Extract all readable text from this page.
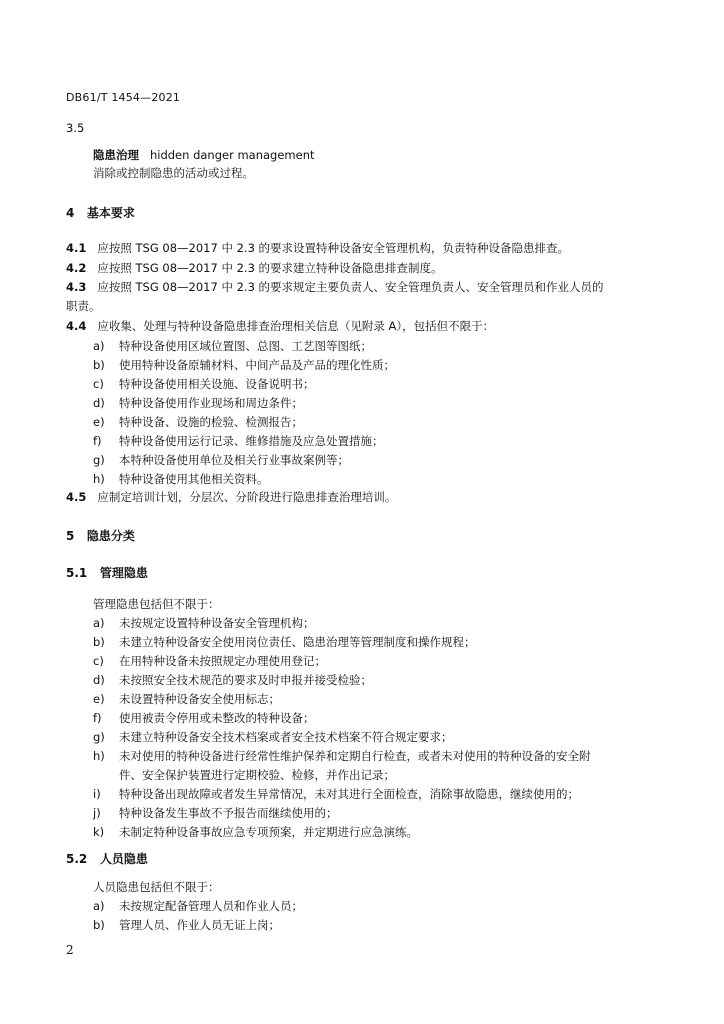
DB61/T 1454—2021
3.5
隐患治理 hidden danger management
消除或控制隐患的活动或过程。
4 基本要求
4.1 应按照 TSG 08—2017 中 2.3 的要求设置特种设备安全管理机构，负责特种设备隐患排查。
4.2 应按照 TSG 08—2017 中 2.3 的要求建立特种设备隐患排查制度。
4.3 应按照 TSG 08—2017 中 2.3 的要求规定主要负责人、安全管理负责人、安全管理员和作业人员的
职责。
4.4 应收集、处理与特种设备隐患排查治理相关信息（见附录 A），包括但不限于：
a) 特种设备使用区域位置图、总图、工艺图等图纸；
b) 使用特种设备原辅材料、中间产品及产品的理化性质；
c) 特种设备使用相关设施、设备说明书；
d) 特种设备使用作业现场和周边条件；
e) 特种设备、设施的检验、检测报告；
f) 特种设备使用运行记录、维修措施及应急处置措施；
g) 本特种设备使用单位及相关行业事故案例等；
h) 特种设备使用其他相关资料。
4.5 应制定培训计划，分层次、分阶段进行隐患排查治理培训。
5 隐患分类
5.1 管理隐患
管理隐患包括但不限于：
a) 未按规定设置特种设备安全管理机构；
b) 未建立特种设备安全使用岗位责任、隐患治理等管理制度和操作规程；
c) 在用特种设备未按照规定办理使用登记；
d) 未按照安全技术规范的要求及时申报并接受检验；
e) 未设置特种设备安全使用标志；
f) 使用被责令停用或未整改的特种设备；
g) 未建立特种设备安全技术档案或者安全技术档案不符合规定要求；
h) 未对使用的特种设备进行经常性维护保养和定期自行检查，或者未对使用的特种设备的安全附
件、安全保护装置进行定期校验、检修，并作出记录；
i) 特种设备出现故障或者发生异常情况，未对其进行全面检查，消除事故隐患，继续使用的；
j) 特种设备发生事故不予报告而继续使用的；
k) 未制定特种设备事故应急专项预案，并定期进行应急演练。
5.2 人员隐患
人员隐患包括但不限于：
a) 未按规定配备管理人员和作业人员；
b) 管理人员、作业人员无证上岗；
2
